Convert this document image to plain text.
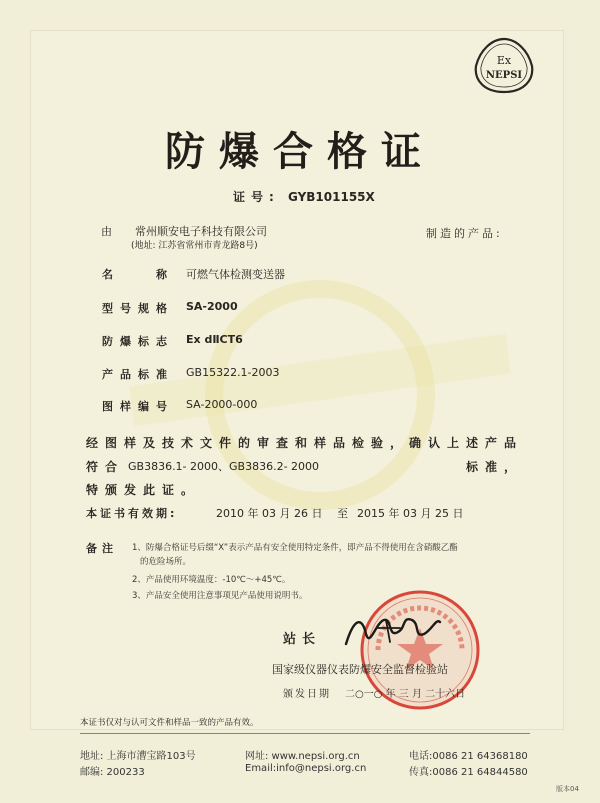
Ex
NEPSI
防爆合格证
证号: GYB101155X
由 常州顺安电子科技有限公司
(地址: 江苏省常州市青龙路8号)
制造的产品:
名　　称 可燃气体检测变送器
型号规格 SA-2000
防爆标志 Ex dⅡCT6
产品标准 GB15322.1-2003
图样编号 SA-2000-000
经图样及技术文件的审查和样品检验，确认上述产品
符合 GB3836.1- 2000、GB3836.2- 2000	标准，
特颁发此证。
本证书有效期:	2010 年 03 月 26 日 至 2015 年 03 月 25 日
备注 1、防爆合格证号后缀“X”表示产品有安全使用特定条件，即产品不得使用在含硝酸乙酯
的危险场所。
2、产品使用环境温度：-10℃～+45℃。
3、产品安全使用注意事项见产品使用说明书。
站长
国家级仪器仪表防爆安全监督检验站
颁发日期 二○一○ 年 三 月 二十六日
本证书仅对与认可文件和样品一致的产品有效。
地址: 上海市漕宝路103号
邮编: 200233
网址: www.nepsi.org.cn
Email:info@nepsi.org.cn
电话:0086 21 64368180
传真:0086 21 64844580
版本04
